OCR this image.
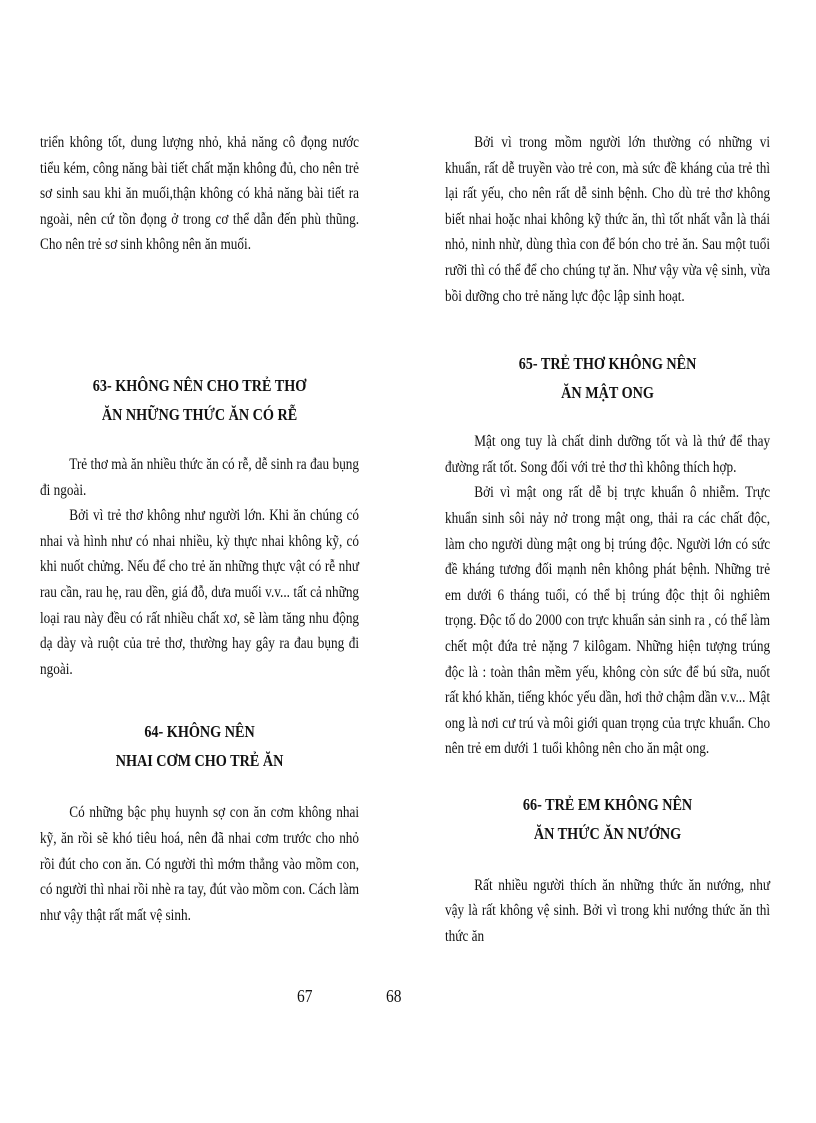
triển không tốt, dung lượng nhỏ, khả năng cô đọng nước tiểu kém, công năng bài tiết chất mặn không đủ, cho nên trẻ sơ sinh sau khi ăn muối,thận không có khả năng bài tiết ra ngoài, nên cứ tồn đọng ở trong cơ thể dẫn đến phù thũng. Cho nên trẻ sơ sinh không nên ăn muối.

63- KHÔNG NÊN CHO TRẺ THƠ

ĂN NHỮNG THỨC ĂN CÓ RỄ

Trẻ thơ mà ăn nhiều thức ăn có rễ, dễ sinh ra đau bụng đi ngoài.

Bởi vì trẻ thơ không như người lớn. Khi ăn chúng có nhai và hình như có nhai nhiều, kỳ thực nhai không kỹ, có khi nuốt chửng. Nếu để cho trẻ ăn những thực vật có rễ như rau cần, rau hẹ, rau dền, giá đỗ, dưa muối v.v... tất cả những loại rau này đều có rất nhiều chất xơ, sẽ làm tăng nhu động dạ dày và ruột của trẻ thơ, thường hay gây ra đau bụng đi ngoài.

64- KHÔNG NÊN

NHAI CƠM CHO TRẺ ĂN

Có những bậc phụ huynh sợ con ăn cơm không nhai kỹ, ăn rồi sẽ khó tiêu hoá, nên đã nhai cơm trước cho nhỏ rồi đút cho con ăn. Có người thì mớm thẳng vào mồm con, có người thì nhai rồi nhè ra tay, đút vào mồm con. Cách làm như vậy thật rất mất vệ sinh.

Bởi vì trong mồm người lớn thường có những vi khuẩn, rất dễ truyền vào trẻ con, mà sức đề kháng của trẻ thì lại rất yếu, cho nên rất dễ sinh bệnh. Cho dù trẻ thơ không biết nhai hoặc nhai không kỹ thức ăn, thì tốt nhất vẫn là thái nhỏ, ninh nhừ, dùng thìa con để bón cho trẻ ăn. Sau một tuổi rưỡi thì có thể để cho chúng tự ăn. Như vậy vừa vệ sinh, vừa bồi dưỡng cho trẻ năng lực độc lập sinh hoạt.

65- TRẺ THƠ KHÔNG NÊN

ĂN MẬT ONG

Mật ong tuy là chất dinh dưỡng tốt và là thứ để thay đường rất tốt. Song đối với trẻ thơ thì không thích hợp.

Bởi vì mật ong rất dễ bị trực khuẩn ô nhiễm. Trực khuẩn sinh sôi nảy nở trong mật ong, thải ra các chất độc, làm cho người dùng mật ong bị trúng độc. Người lớn có sức đề kháng tương đối mạnh nên không phát bệnh. Những trẻ em dưới 6 tháng tuổi, có thể bị trúng độc thịt ôi nghiêm trọng. Độc tố do 2000 con trực khuẩn sản sinh ra , có thể làm chết một đứa trẻ nặng 7 kilôgam. Những hiện tượng trúng độc là : toàn thân mềm yếu, không còn sức để bú sữa, nuốt rất khó khăn, tiếng khóc yếu dần, hơi thở chậm dần v.v... Mật ong là nơi cư trú và môi giới quan trọng của trực khuẩn. Cho nên trẻ em dưới 1 tuổi không nên cho ăn mật ong.

66- TRẺ EM KHÔNG NÊN

ĂN THỨC ĂN NƯỚNG

Rất nhiều người thích ăn những thức ăn nướng, như vậy là rất không vệ sinh. Bởi vì trong khi nướng thức ăn thì thức ăn

67	68
